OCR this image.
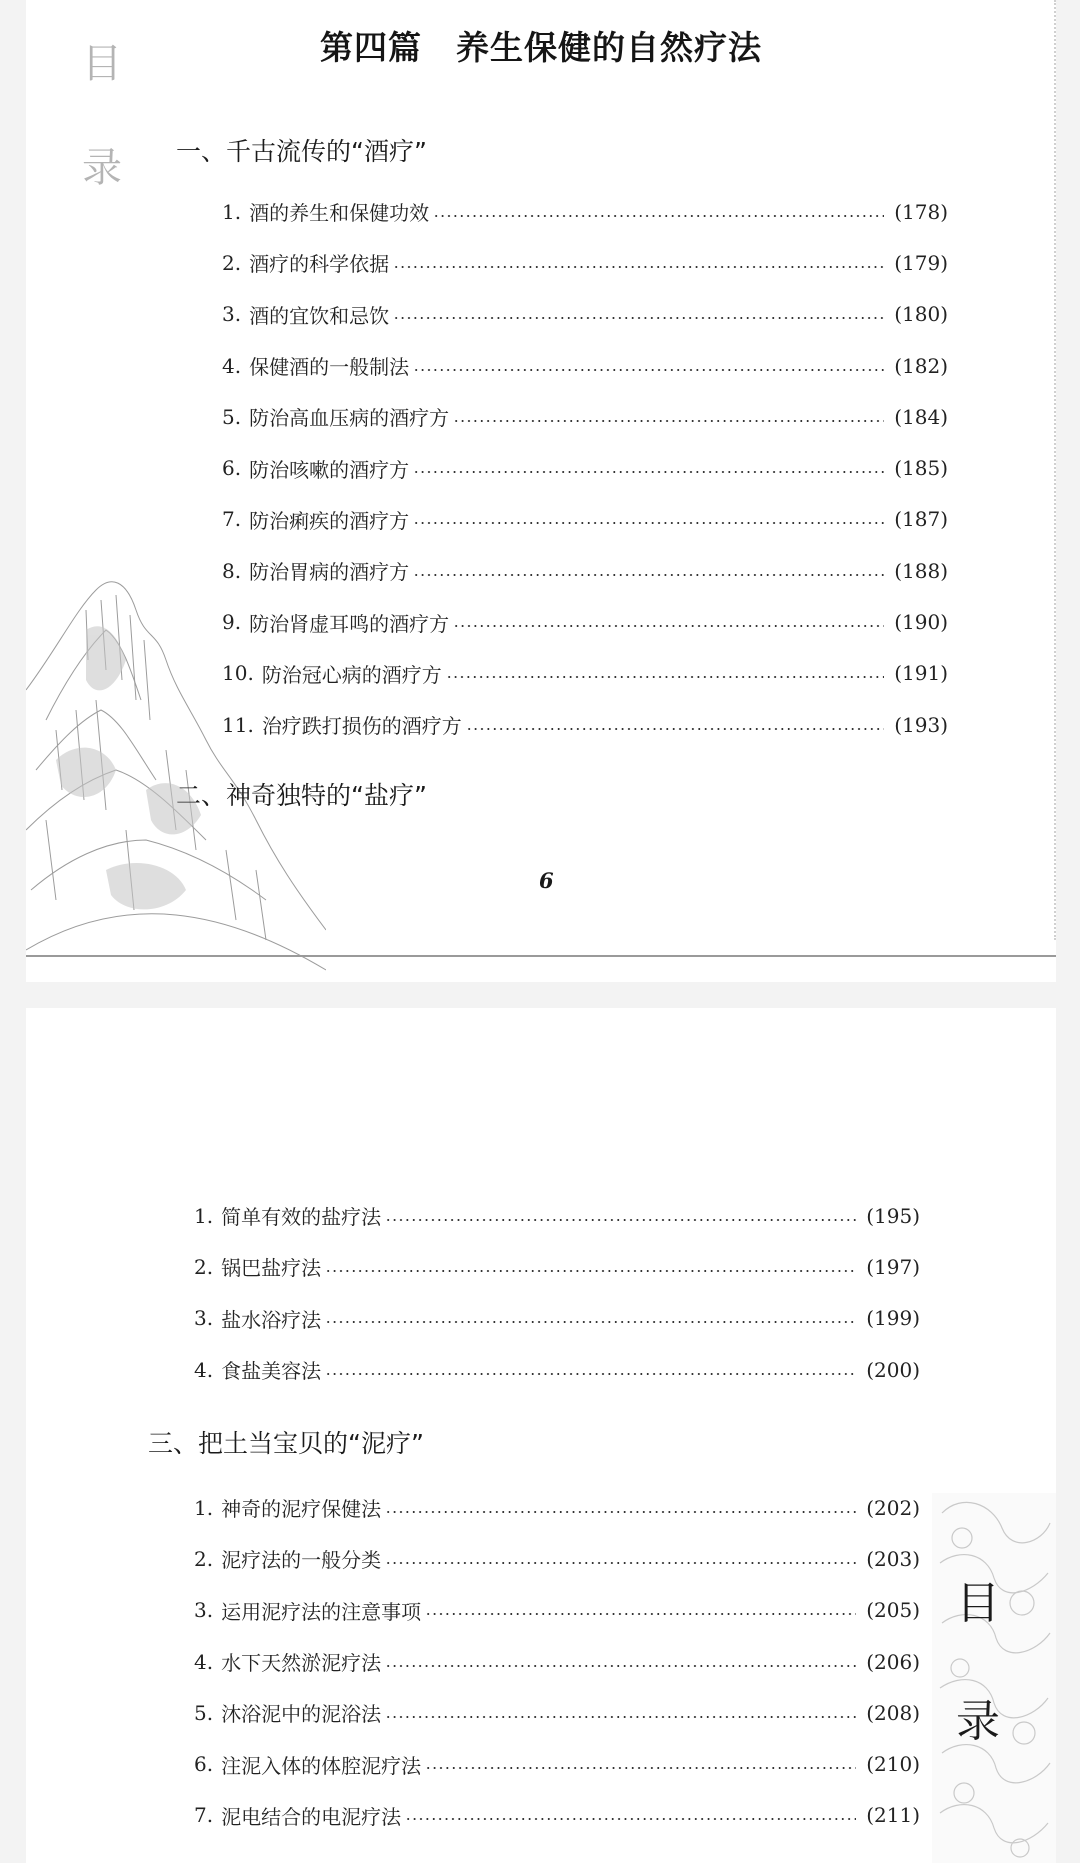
目
录
第四篇 养生保健的自然疗法
一、千古流传的“酒疗”
1. 酒的养生和保健功效	(178)
2. 酒疗的科学依据	(179)
3. 酒的宜饮和忌饮	(180)
4. 保健酒的一般制法	(182)
5. 防治高血压病的酒疗方	(184)
6. 防治咳嗽的酒疗方	(185)
7. 防治痢疾的酒疗方	(187)
8. 防治胃病的酒疗方	(188)
9. 防治肾虚耳鸣的酒疗方	(190)
10. 防治冠心病的酒疗方	(191)
11. 治疗跌打损伤的酒疗方	(193)
二、神奇独特的“盐疗”
6
1. 简单有效的盐疗法	(195)
2. 锅巴盐疗法	(197)
3. 盐水浴疗法	(199)
4. 食盐美容法	(200)
三、把土当宝贝的“泥疗”
目
录
1. 神奇的泥疗保健法	(202)
2. 泥疗法的一般分类	(203)
3. 运用泥疗法的注意事项	(205)
4. 水下天然淤泥疗法	(206)
5. 沐浴泥中的泥浴法	(208)
6. 注泥入体的体腔泥疗法	(210)
7. 泥电结合的电泥疗法	(211)
